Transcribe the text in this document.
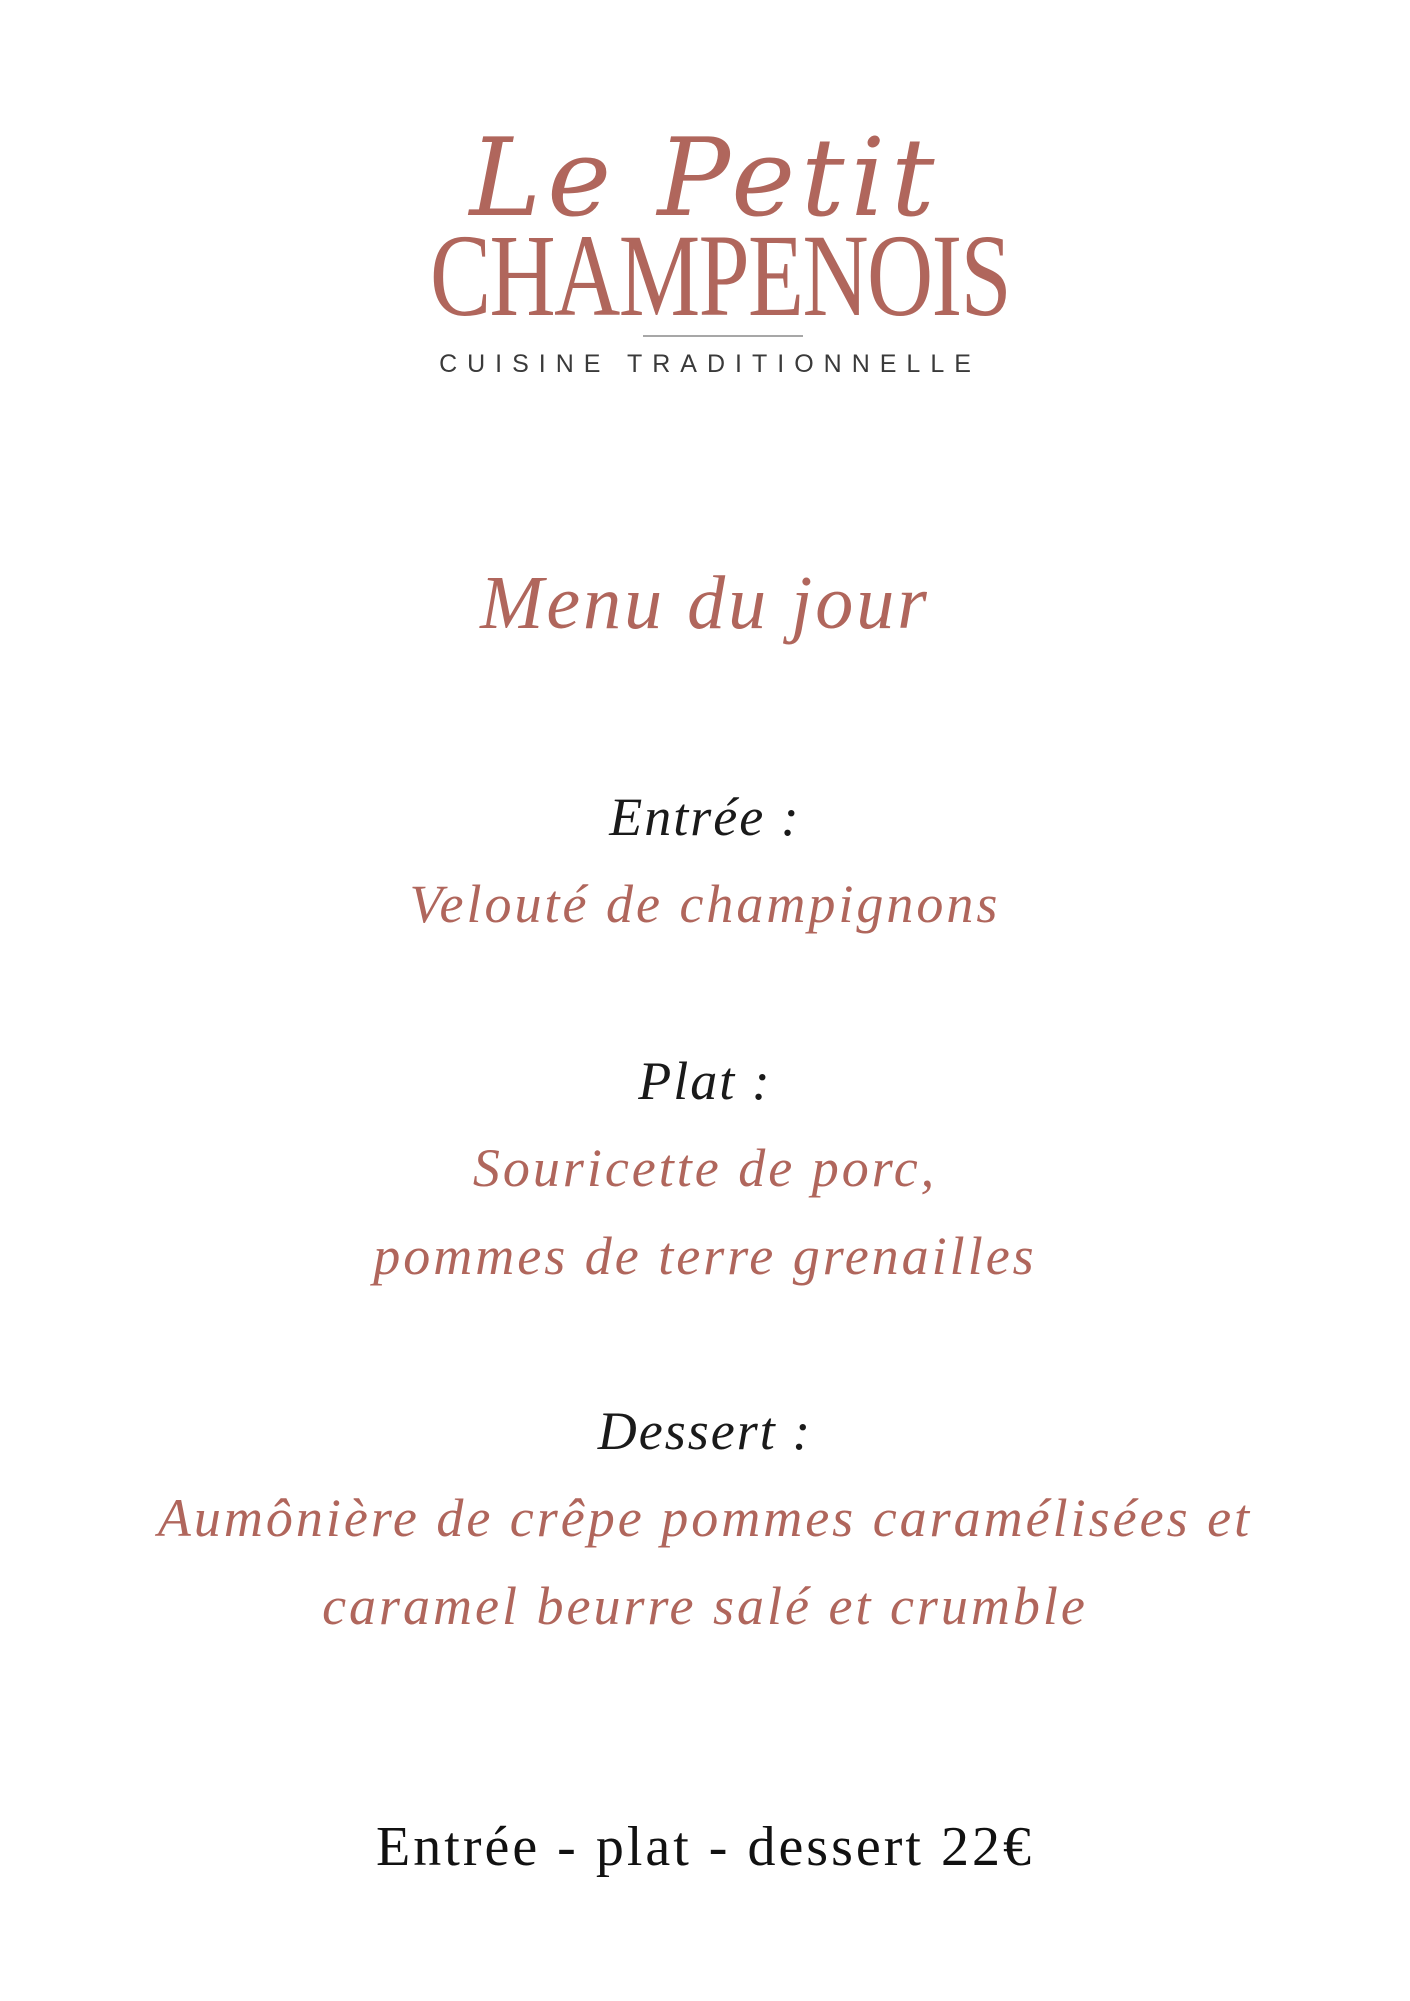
Le Petit
CHAMPENOIS
CUISINE TRADITIONNELLE
Menu du jour
Entrée :
Velouté de champignons
Plat :
Souricette de porc,
pommes de terre grenailles
Dessert :
Aumônière de crêpe pommes caramélisées et
caramel beurre salé et crumble
Entrée - plat - dessert 22€
